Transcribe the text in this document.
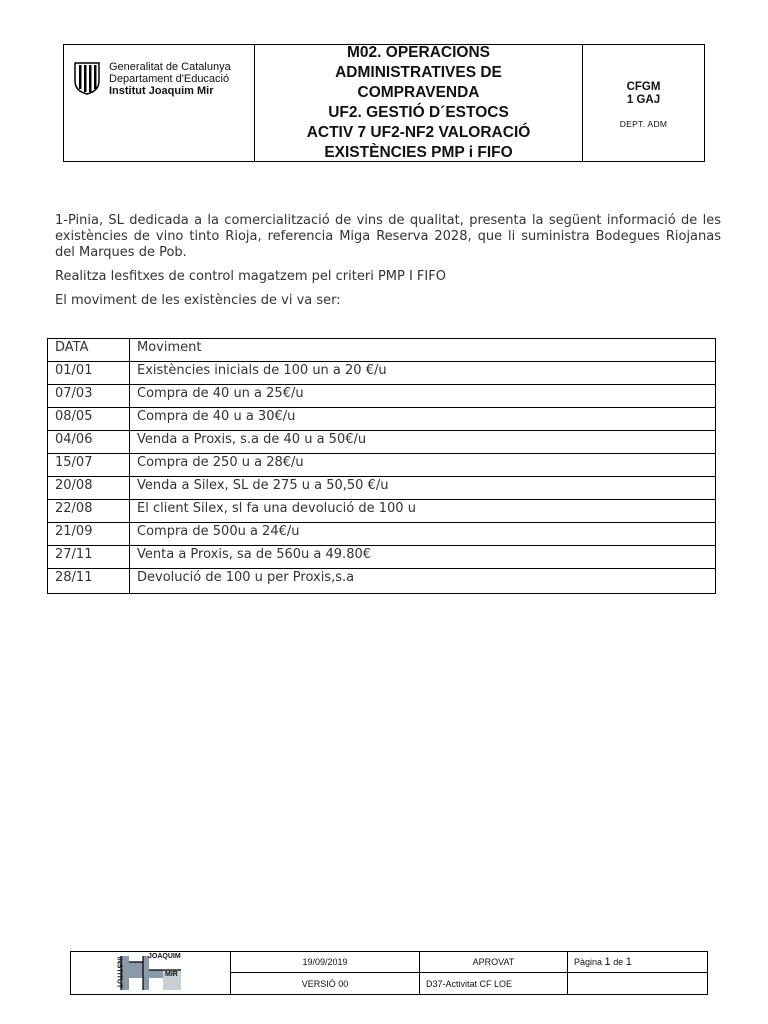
Generalitat de Catalunya
Departament d'Educació
Institut Joaquim Mir
M02. OPERACIONS
ADMINISTRATIVES DE
COMPRAVENDA
UF2. GESTIÓ D´ESTOCS
ACTIV 7 UF2-NF2 VALORACIÓ
EXISTÈNCIES PMP i FIFO
CFGM
1 GAJ
DEPT. ADM
1-Pinia, SL dedicada a la comercialització de vins de qualitat, presenta la següent informació de les existències de vino tinto Rioja, referencia Miga Reserva 2028, que li suministra Bodegues Riojanas del Marques de Pob.
Realitza lesfitxes de control magatzem pel criteri PMP I FIFO
El moviment de les existències de vi va ser:
DATA	Moviment
01/01	Existències inicials de 100 un a 20 €/u
07/03	Compra de 40 un a 25€/u
08/05	Compra de 40 u a 30€/u
04/06	Venda a Proxis, s.a de 40 u a 50€/u
15/07	Compra de 250 u a 28€/u
20/08	Venda a Silex, SL de 275 u a 50,50 €/u
22/08	El client Silex, sl fa una devolució de 100 u
21/09	Compra de 500u a 24€/u
27/11	Venta a Proxis, sa de 560u a 49.80€
28/11	Devolució de 100 u per Proxis,s.a
JOAQUIM
INSTITUT	MIR
19/09/2019	APROVAT	Pàgina
1
de
1
VERSIÓ 00	D37-Activitat CF LOE
